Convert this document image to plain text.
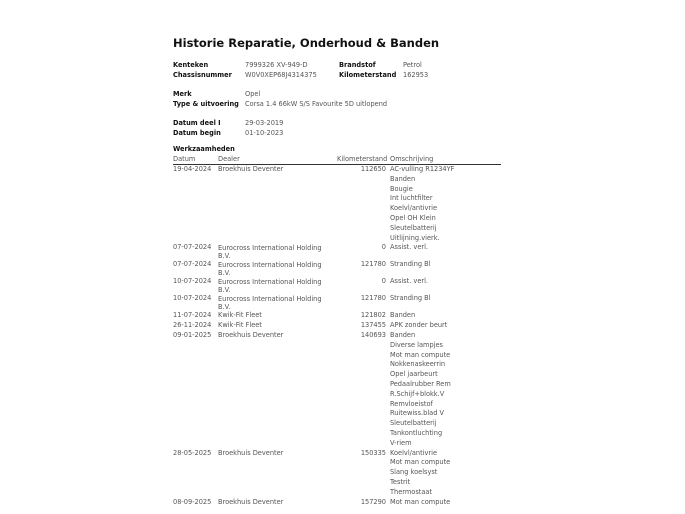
Historie Reparatie, Onderhoud & Banden
Kenteken	7999326 XV-949-D	Brandstof	Petrol
Chassisnummer	W0V0XEP68J4314375	Kilometerstand	162953
Merk	Opel
Type & uitvoering Corsa 1.4 66kW S/S Favourite 5D uitlopend
Datum deel I	29-03-2019
Datum begin	01-10-2023
Werkzaamheden
Datum	Dealer	Kilometerstand	Omschrijving
19-04-2024	Broekhuis Deventer	112650	AC-vulling R1234YF
			Banden
			Bougie
			Int luchtfilter
			Koelvl/antivrie
			Opel OH Klein
			Sleutelbatterij
			Uitlijning.vierk.
07-07-2024	Eurocross International Holding B.V.	0	Assist. verl.
07-07-2024	Eurocross International Holding B.V.	121780	Stranding Bl
10-07-2024	Eurocross International Holding B.V.	0	Assist. verl.
10-07-2024	Eurocross International Holding B.V.	121780	Stranding Bl
11-07-2024	Kwik-Fit Fleet	121802	Banden
26-11-2024	Kwik-Fit Fleet	137455	APK zonder beurt
09-01-2025	Broekhuis Deventer	140693	Banden
			Diverse lampjes
			Mot man compute
			Nokkenaskeerrin
			Opel jaarbeurt
			Pedaalrubber Rem
			R.Schijf+blokk.V
			Remvloeistof
			Ruitewiss.blad V
			Sleutelbatterij
			Tankontluchting
			V-riem
28-05-2025	Broekhuis Deventer	150335	Koelvl/antivrie
			Mot man compute
			Slang koelsyst
			Testrit
			Thermostaat
08-09-2025	Broekhuis Deventer	157290	Mot man compute
